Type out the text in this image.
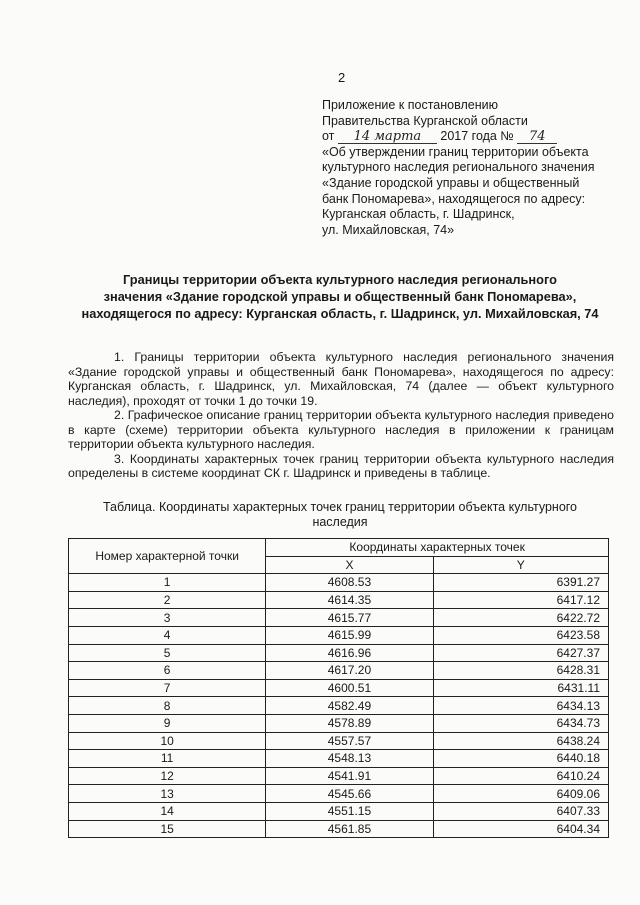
2
Приложение к постановлению
Правительства Курганской области
от 14 марта 2017 года № 74
«Об утверждении границ территории объекта
культурного наследия регионального значения
«Здание городской управы и общественный
банк Пономарева», находящегося по адресу:
Курганская область, г. Шадринск,
ул. Михайловская, 74»
Границы территории объекта культурного наследия регионального
значения «Здание городской управы и общественный банк Пономарева»,
находящегося по адресу: Курганская область, г. Шадринск, ул. Михайловская, 74

1. Границы территории объекта культурного наследия регионального значения «Здание городской управы и общественный банк Пономарева», находящегося по адресу: Курганская область, г. Шадринск, ул. Михайловская, 74 (далее — объект культурного наследия), проходят от точки 1 до точки 19.

2. Графическое описание границ территории объекта культурного наследия приведено в карте (схеме) территории объекта культурного наследия в приложении к границам территории объекта культурного наследия.

3. Координаты характерных точек границ территории объекта культурного наследия определены в системе координат СК г. Шадринск и приведены в таблице.

Таблица. Координаты характерных точек границ территории объекта культурного наследия
Номер характерной точки	Координаты характерных точек	
	X	Y
1	4608.53	6391.27
2	4614.35	6417.12
3	4615.77	6422.72
4	4615.99	6423.58
5	4616.96	6427.37
6	4617.20	6428.31
7	4600.51	6431.11
8	4582.49	6434.13
9	4578.89	6434.73
10	4557.57	6438.24
11	4548.13	6440.18
12	4541.91	6410.24
13	4545.66	6409.06
14	4551.15	6407.33
15	4561.85	6404.34
